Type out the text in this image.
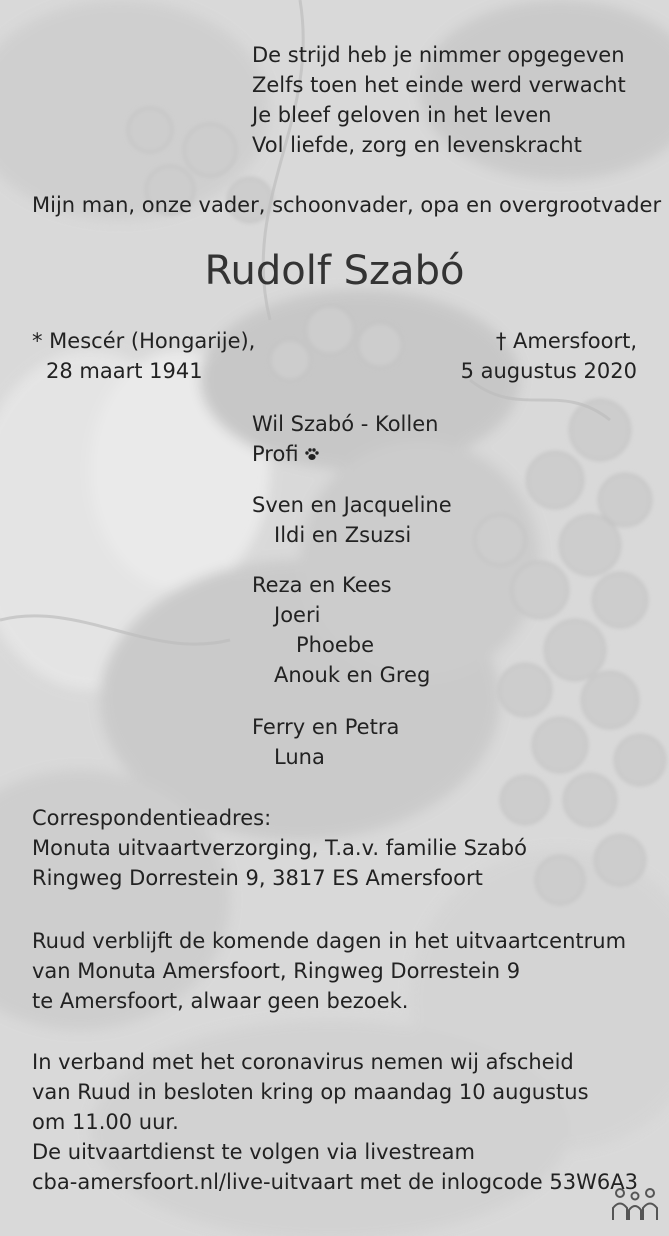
De strijd heb je nimmer opgegeven
Zelfs toen het einde werd verwacht
Je bleef geloven in het leven
Vol liefde, zorg en levenskracht
Mijn man, onze vader, schoonvader, opa en overgrootvader
Rudolf Szabó
* Mescér (Hongarije),
28 maart 1941
† Amersfoort,
5 augustus 2020
Wil Szabó - Kollen
Profi
Sven en Jacqueline
Ildi en Zsuzsi
Reza en Kees
Joeri
Phoebe
Anouk en Greg
Ferry en Petra
Luna
Correspondentieadres:
Monuta uitvaartverzorging, T.a.v. familie Szabó
Ringweg Dorrestein 9, 3817 ES Amersfoort
Ruud verblijft de komende dagen in het uitvaartcentrum
van Monuta Amersfoort, Ringweg Dorrestein 9
te Amersfoort, alwaar geen bezoek.
In verband met het coronavirus nemen wij afscheid
van Ruud in besloten kring op maandag 10 augustus
om 11.00 uur.
De uitvaartdienst te volgen via livestream
cba-amersfoort.nl/live-uitvaart met de inlogcode 53W6A3
